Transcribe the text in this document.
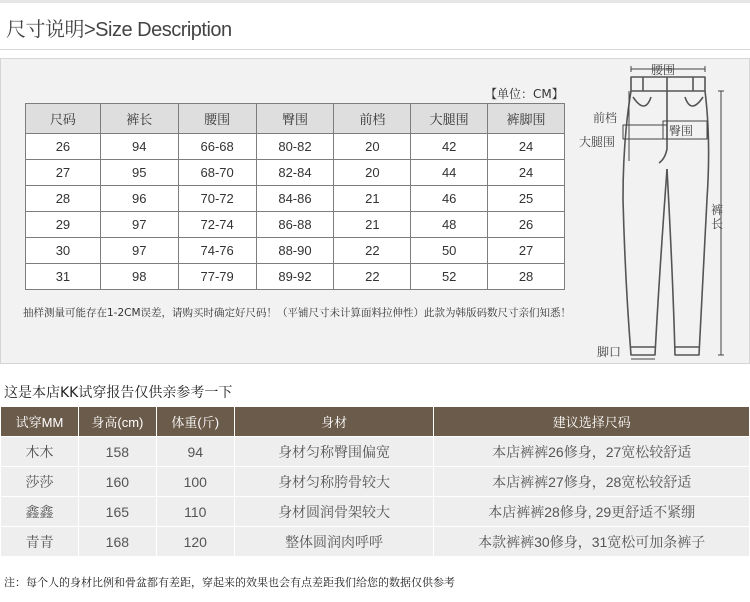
尺寸说明>Size Description
【单位：CM】
尺码	裤长	腰围	臀围	前档	大腿围	裤脚围
26	94	66-68	80-82	20	42	24
27	95	68-70	82-84	20	44	24
28	96	70-72	84-86	21	46	25
29	97	72-74	86-88	21	48	26
30	97	74-76	88-90	22	50	27
31	98	77-79	89-92	22	52	28
抽样测量可能存在1-2CM误差，请购买时确定好尺码！（平铺尺寸未计算面料拉伸性）此款为韩版码数尺寸亲们知悉！
腰围
前档
大腿围
臀围
裤长
脚口
这是本店KK试穿报告仅供亲参考一下
试穿MM	身高(cm)	体重(斤)	身材	建议选择尺码
木木	158	94	身材匀称臀围偏宽	本店裤裤26修身，27宽松较舒适
莎莎	160	100	身材匀称胯骨较大	本店裤裤27修身，28宽松较舒适
鑫鑫	165	110	身材圆润骨架较大	本店裤裤28修身, 29更舒适不紧绷
青青	168	120	整体圆润肉呼呼	本款裤裤30修身，31宽松可加条裤子
注：每个人的身材比例和骨盆都有差距，穿起来的效果也会有点差距我们给您的数据仅供参考
